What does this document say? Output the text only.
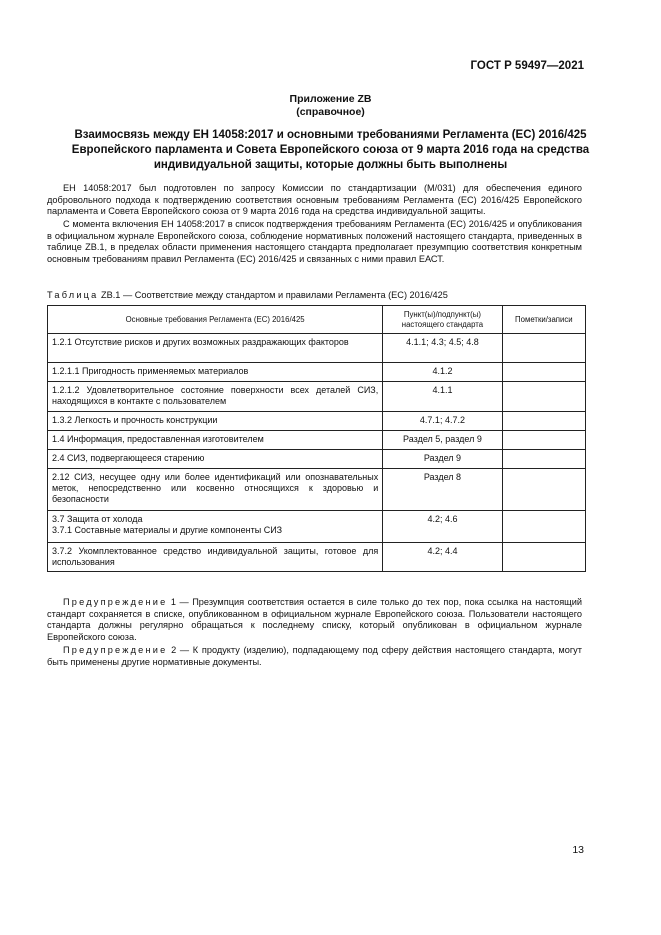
ГОСТ Р 59497—2021
Приложение ZB
(справочное)
Взаимосвязь между ЕН 14058:2017 и основными требованиями Регламента (ЕС) 2016/425
Европейского парламента и Совета Европейского союза от 9 марта 2016 года на средства
индивидуальной защиты, которые должны быть выполнены
ЕН 14058:2017 был подготовлен по запросу Комиссии по стандартизации (M/031) для обеспечения единого добровольного подхода к подтверждению соответствия основным требованиям Регламента (ЕС) 2016/425 Европейского парламента и Совета Европейского союза от 9 марта 2016 года на средства индивидуальной защиты.
С момента включения ЕН 14058:2017 в список подтверждения требованиям Регламента (ЕС) 2016/425 и опубликования в официальном журнале Европейского союза, соблюдение нормативных положений настоящего стандарта, приведенных в таблице ZB.1, в пределах области применения настоящего стандарта предполагает презумпцию соответствия конкретным основным требованиям правил Регламента (ЕС) 2016/425 и связанных с ними правил ЕАСТ.
Таблица ZB.1 — Соответствие между стандартом и правилами Регламента (ЕС) 2016/425
Основные требования Регламента (ЕС) 2016/425	Пункт(ы)/подпункт(ы) настоящего стандарта	Пометки/записи
1.2.1 Отсутствие рисков и других возможных раздражающих факторов	4.1.1; 4.3; 4.5; 4.8	
1.2.1.1 Пригодность применяемых материалов	4.1.2	
1.2.1.2 Удовлетворительное состояние поверхности всех деталей СИЗ, находящихся в контакте с пользователем	4.1.1	
1.3.2 Легкость и прочность конструкции	4.7.1; 4.7.2	
1.4 Информация, предоставленная изготовителем	Раздел 5, раздел 9	
2.4 СИЗ, подвергающееся старению	Раздел 9	
2.12 СИЗ, несущее одну или более идентификаций или опознавательных меток, непосредственно или косвенно относящихся к здоровью и безопасности	Раздел 8	

3.7 Защита от холода
3.7.1 Составные материалы и другие компоненты СИЗ	4.2; 4.6	
3.7.2 Укомплектованное средство индивидуальной защиты, готовое для использования	4.2; 4.4	
Предупреждение 1 — Презумпция соответствия остается в силе только до тех пор, пока ссылка на настоящий стандарт сохраняется в списке, опубликованном в официальном журнале Европейского союза. Пользователи настоящего стандарта должны регулярно обращаться к последнему списку, который опубликован в официальном журнале Европейского союза.
Предупреждение 2 — К продукту (изделию), подпадающему под сферу действия настоящего стандарта, могут быть применены другие нормативные документы.
13
